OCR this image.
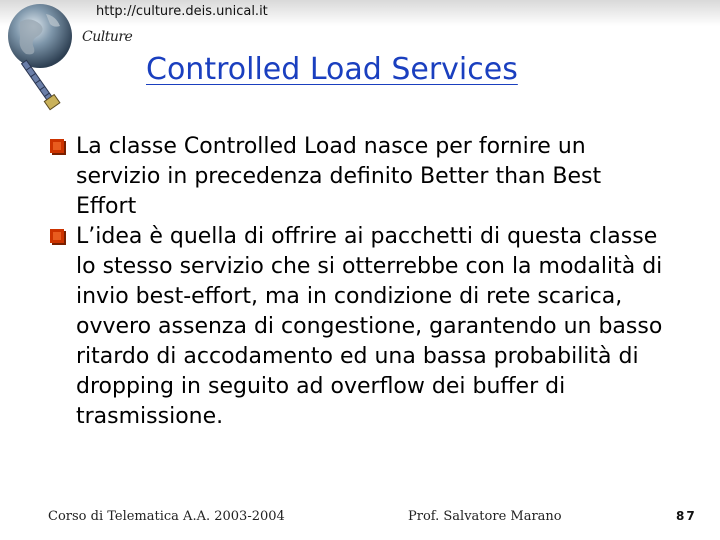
http://culture.deis.unical.it
Culture
Controlled Load Services
La classe Controlled Load nasce per fornire un servizio in precedenza definito Better than Best Effort
L’idea è quella di offrire ai pacchetti di questa classe lo stesso servizio che si otterrebbe con la modalità di invio best-effort, ma in condizione di rete scarica, ovvero assenza di congestione, garantendo un basso ritardo di accodamento ed una bassa probabilità di dropping in seguito ad overflow dei buffer di trasmissione.
Corso di Telematica A.A. 2003-2004	Prof. Salvatore Marano	87
